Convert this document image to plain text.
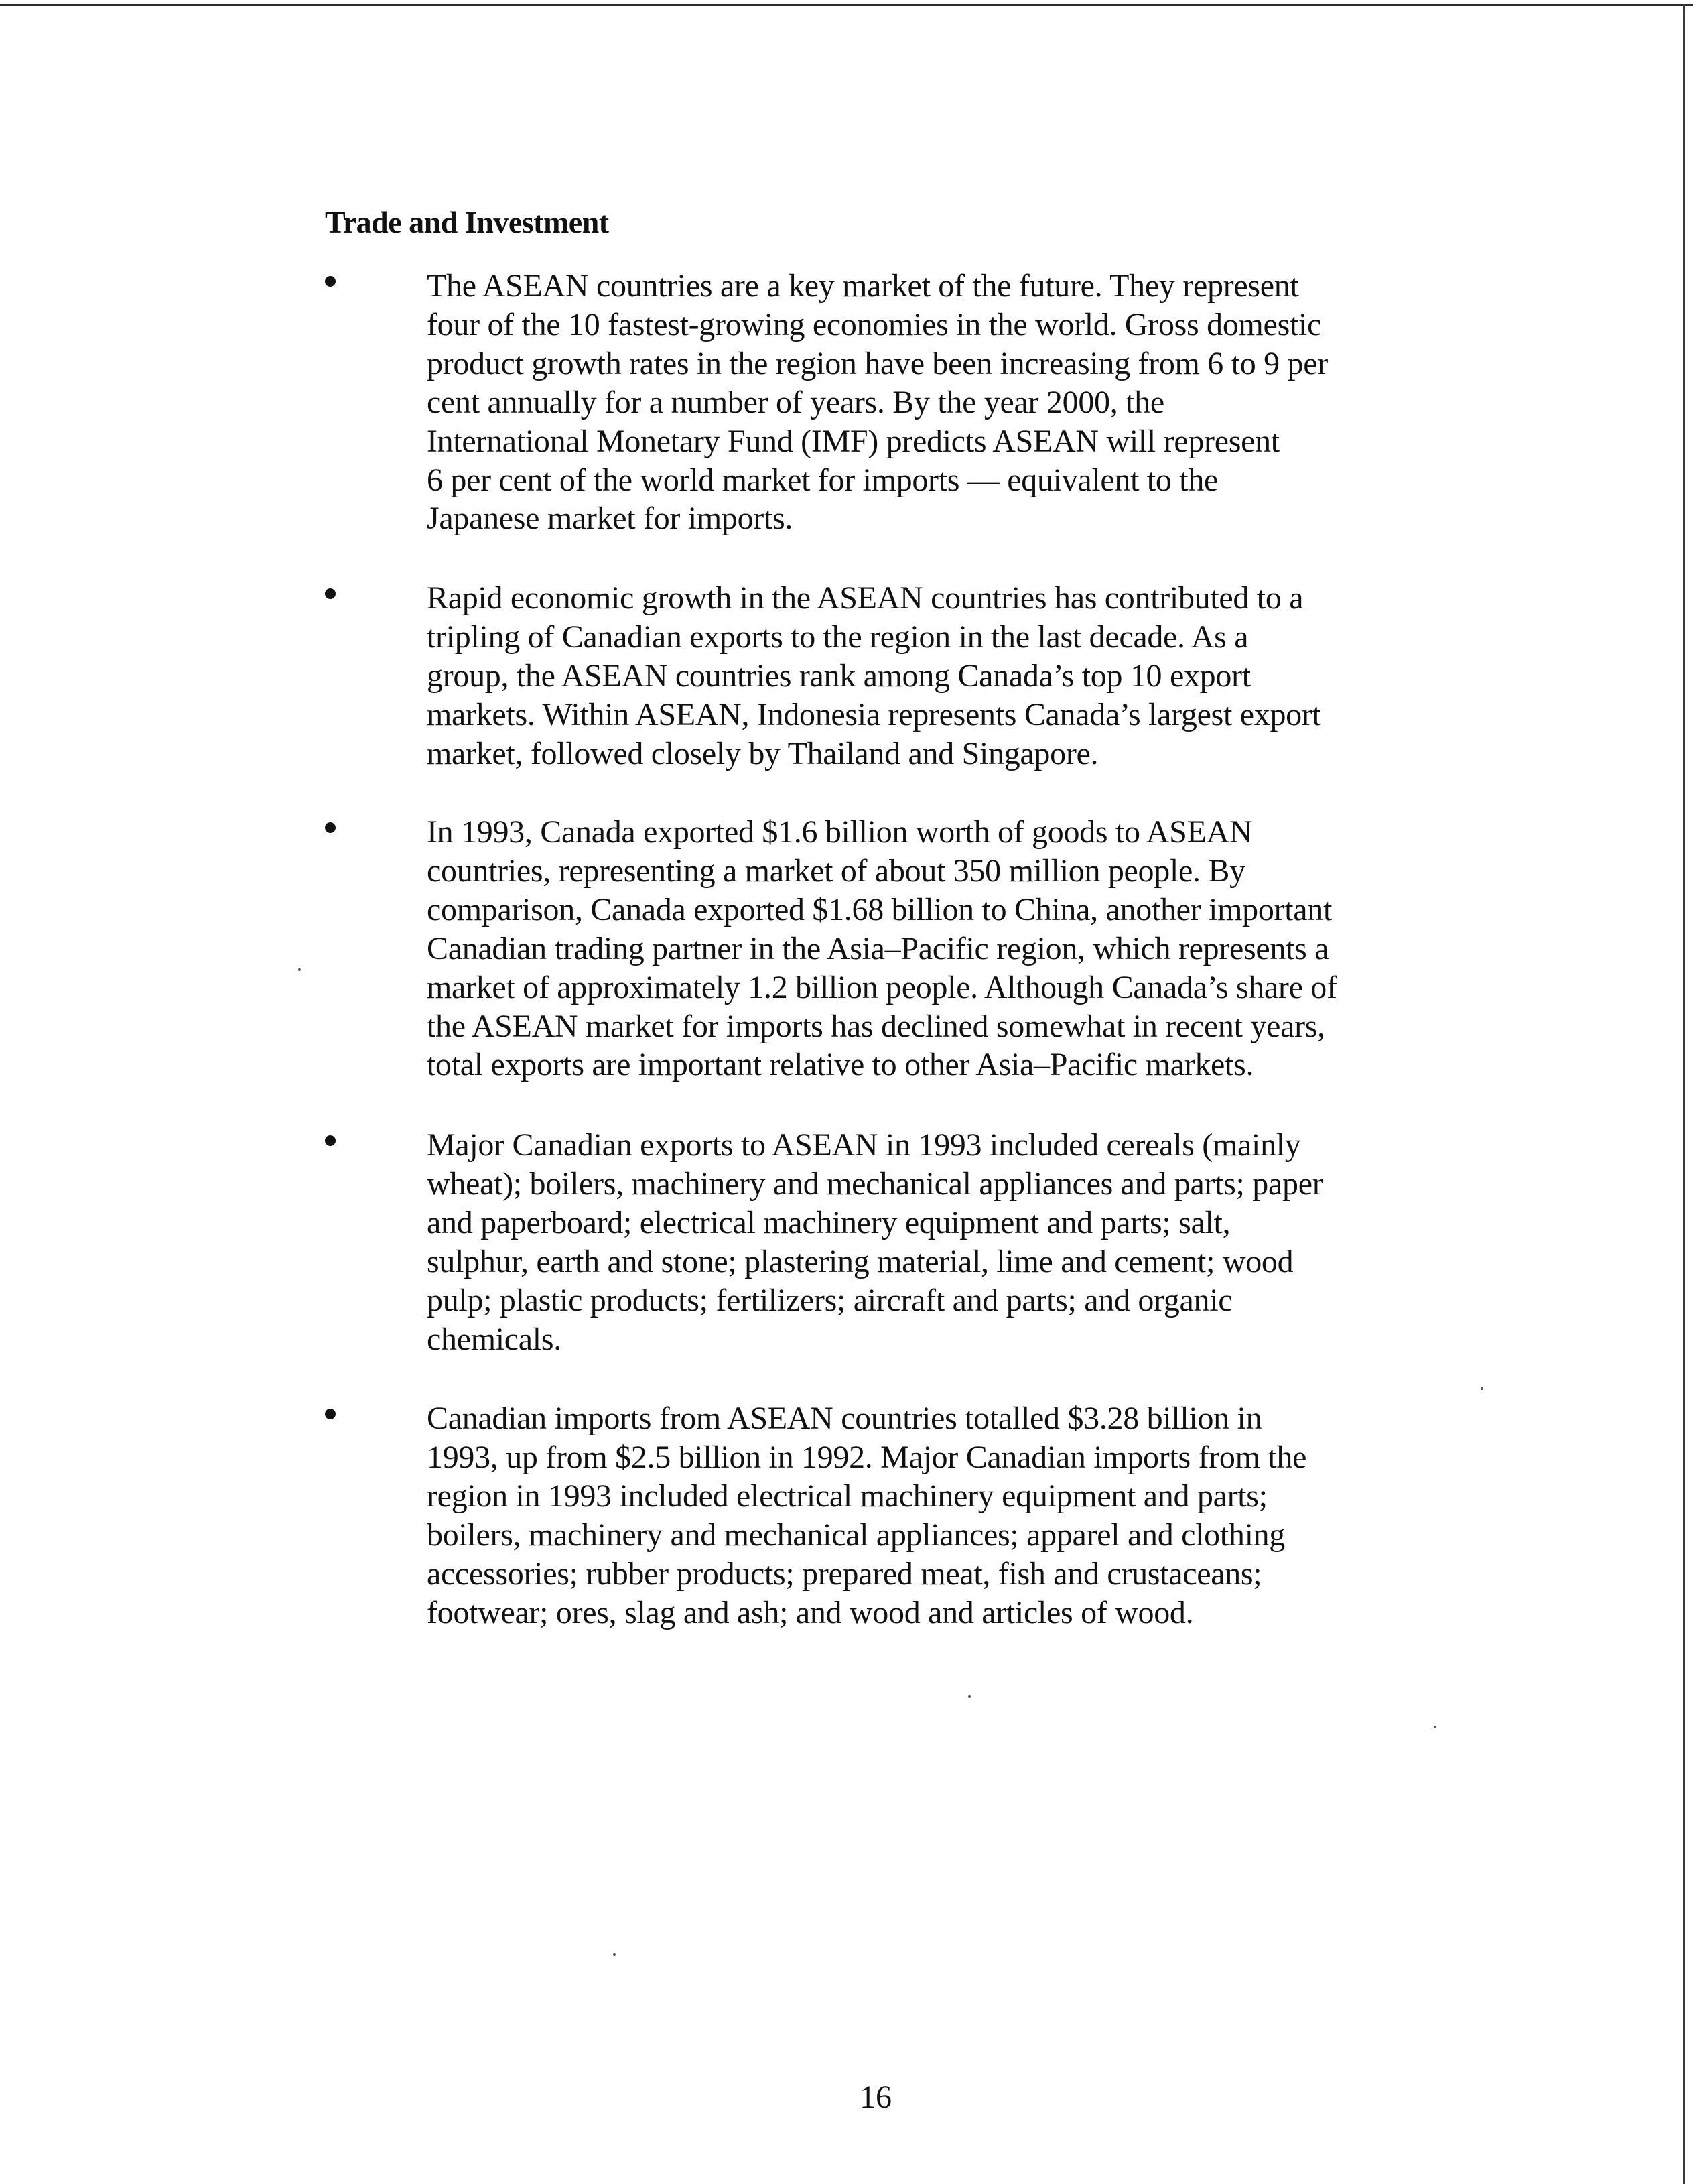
Trade and Investment

The ASEAN countries are a key market of the future. They represent
four of the 10 fastest-growing economies in the world. Gross domestic
product growth rates in the region have been increasing from 6 to 9 per
cent annually for a number of years. By the year 2000, the
International Monetary Fund (IMF) predicts ASEAN will represent
6 per cent of the world market for imports — equivalent to the
Japanese market for imports.

Rapid economic growth in the ASEAN countries has contributed to a
tripling of Canadian exports to the region in the last decade. As a
group, the ASEAN countries rank among Canada’s top 10 export
markets. Within ASEAN, Indonesia represents Canada’s largest export
market, followed closely by Thailand and Singapore.

In 1993, Canada exported $1.6 billion worth of goods to ASEAN
countries, representing a market of about 350 million people. By
comparison, Canada exported $1.68 billion to China, another important
Canadian trading partner in the Asia–Pacific region, which represents a
market of approximately 1.2 billion people. Although Canada’s share of
the ASEAN market for imports has declined somewhat in recent years,
total exports are important relative to other Asia–Pacific markets.

Major Canadian exports to ASEAN in 1993 included cereals (mainly
wheat); boilers, machinery and mechanical appliances and parts; paper
and paperboard; electrical machinery equipment and parts; salt,
sulphur, earth and stone; plastering material, lime and cement; wood
pulp; plastic products; fertilizers; aircraft and parts; and organic
chemicals.

Canadian imports from ASEAN countries totalled $3.28 billion in
1993, up from $2.5 billion in 1992. Major Canadian imports from the
region in 1993 included electrical machinery equipment and parts;
boilers, machinery and mechanical appliances; apparel and clothing
accessories; rubber products; prepared meat, fish and crustaceans;
footwear; ores, slag and ash; and wood and articles of wood.

16
